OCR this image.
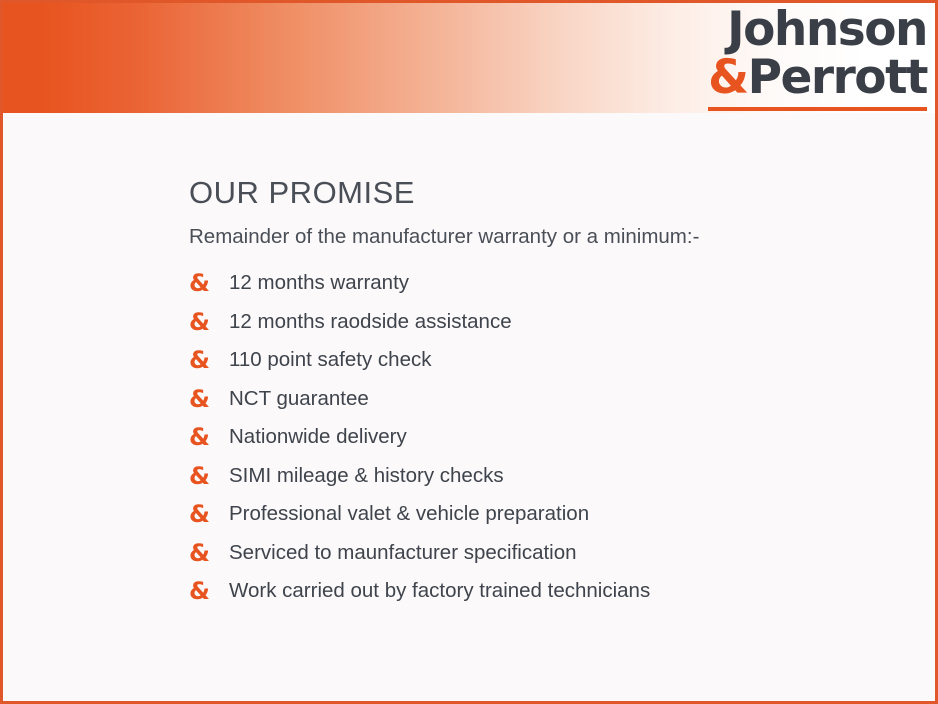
Johnson
&Perrott
OUR PROMISE

Remainder of the manufacturer warranty or a minimum:-

& 12 months warranty
& 12 months raodside assistance
& 110 point safety check
& NCT guarantee
& Nationwide delivery
& SIMI mileage & history checks
& Professional valet & vehicle preparation
& Serviced to maunfacturer specification
& Work carried out by factory trained technicians
